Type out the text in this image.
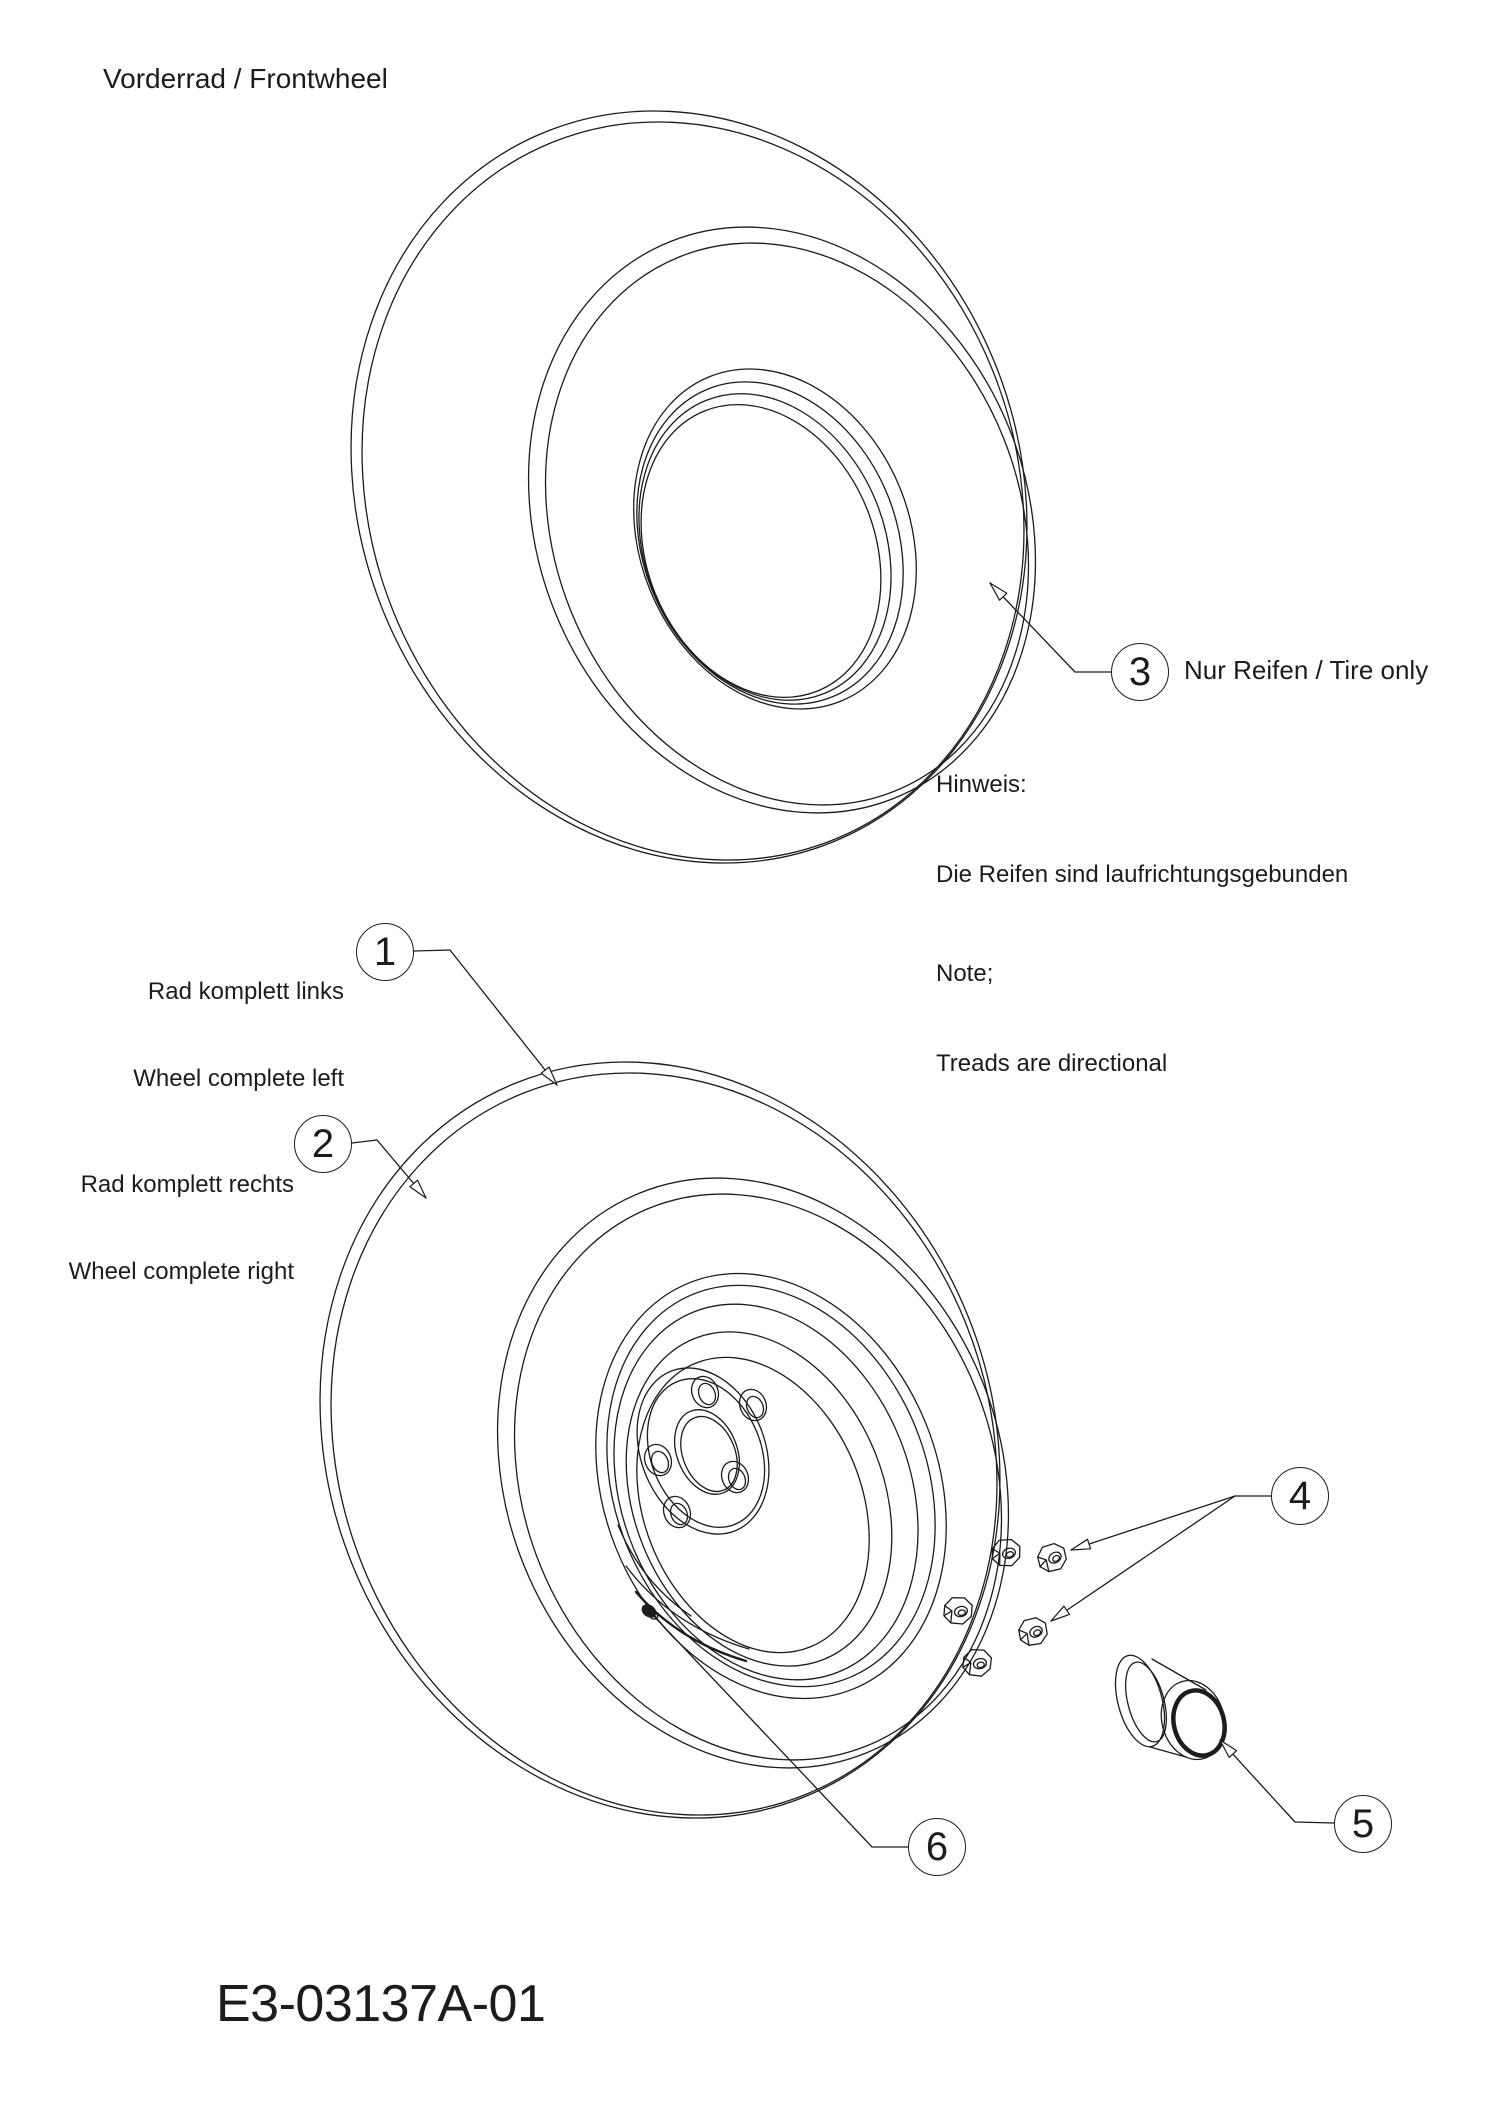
Vorderrad / Frontwheel
Nur Reifen / Tire only

Hinweis:

Die Reifen sind laufrichtungsgebunden

Note;

Treads are directional

Rad komplett links

Wheel complete left

Rad komplett rechts

Wheel complete right

1
2
3
4
5
6
E3-03137A-01
